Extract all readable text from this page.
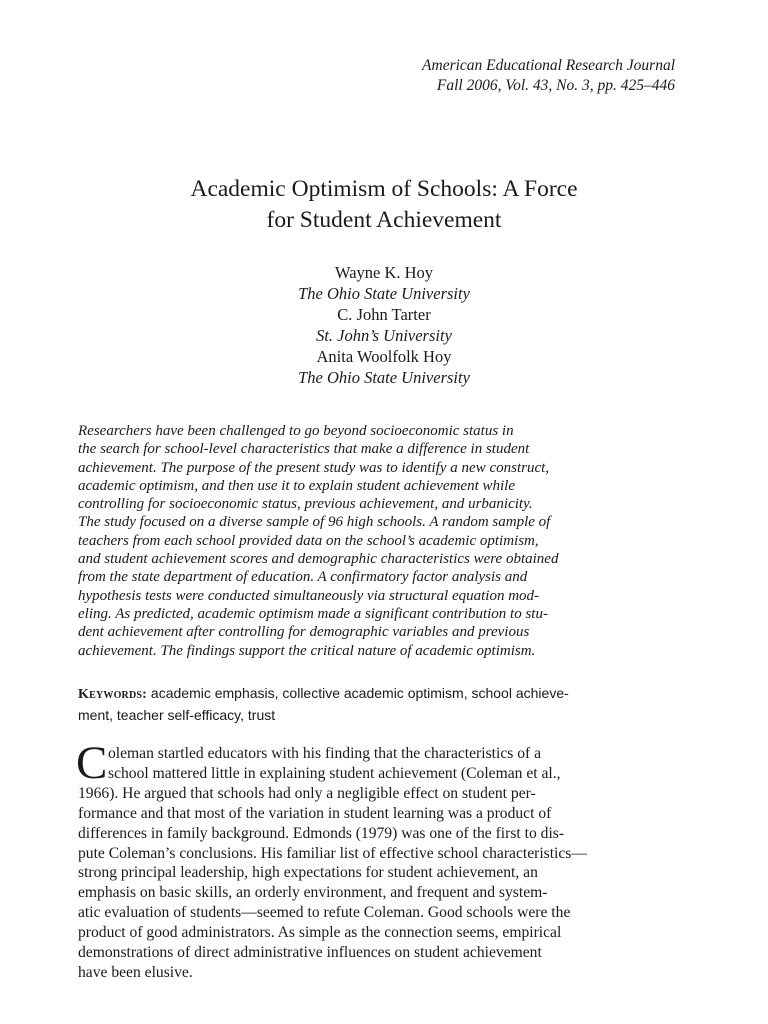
American Educational Research Journal
Fall 2006, Vol. 43, No. 3, pp. 425–446
Academic Optimism of Schools: A Force
for Student Achievement
Wayne K. Hoy
The Ohio State University
C. John Tarter
St. John’s University
Anita Woolfolk Hoy
The Ohio State University
Researchers have been challenged to go beyond socioeconomic status in
the search for school-level characteristics that make a difference in student
achievement. The purpose of the present study was to identify a new construct,
academic optimism, and then use it to explain student achievement while
controlling for socioeconomic status, previous achievement, and urbanicity.
The study focused on a diverse sample of 96 high schools. A random sample of
teachers from each school provided data on the school’s academic optimism,
and student achievement scores and demographic characteristics were obtained
from the state department of education. A confirmatory factor analysis and
hypothesis tests were conducted simultaneously via structural equation mod-
eling. As predicted, academic optimism made a significant contribution to stu-
dent achievement after controlling for demographic variables and previous
achievement. The findings support the critical nature of academic optimism.
Keywords: academic emphasis, collective academic optimism, school achieve-
ment, teacher self-efficacy, trust
C oleman startled educators with his finding that the characteristics of a
school mattered little in explaining student achievement (Coleman et al.,
1966). He argued that schools had only a negligible effect on student per-
formance and that most of the variation in student learning was a product of
differences in family background. Edmonds (1979) was one of the first to dis-
pute Coleman’s conclusions. His familiar list of effective school characteristics—
strong principal leadership, high expectations for student achievement, an
emphasis on basic skills, an orderly environment, and frequent and system-
atic evaluation of students—seemed to refute Coleman. Good schools were the
product of good administrators. As simple as the connection seems, empirical
demonstrations of direct administrative influences on student achievement
have been elusive.
